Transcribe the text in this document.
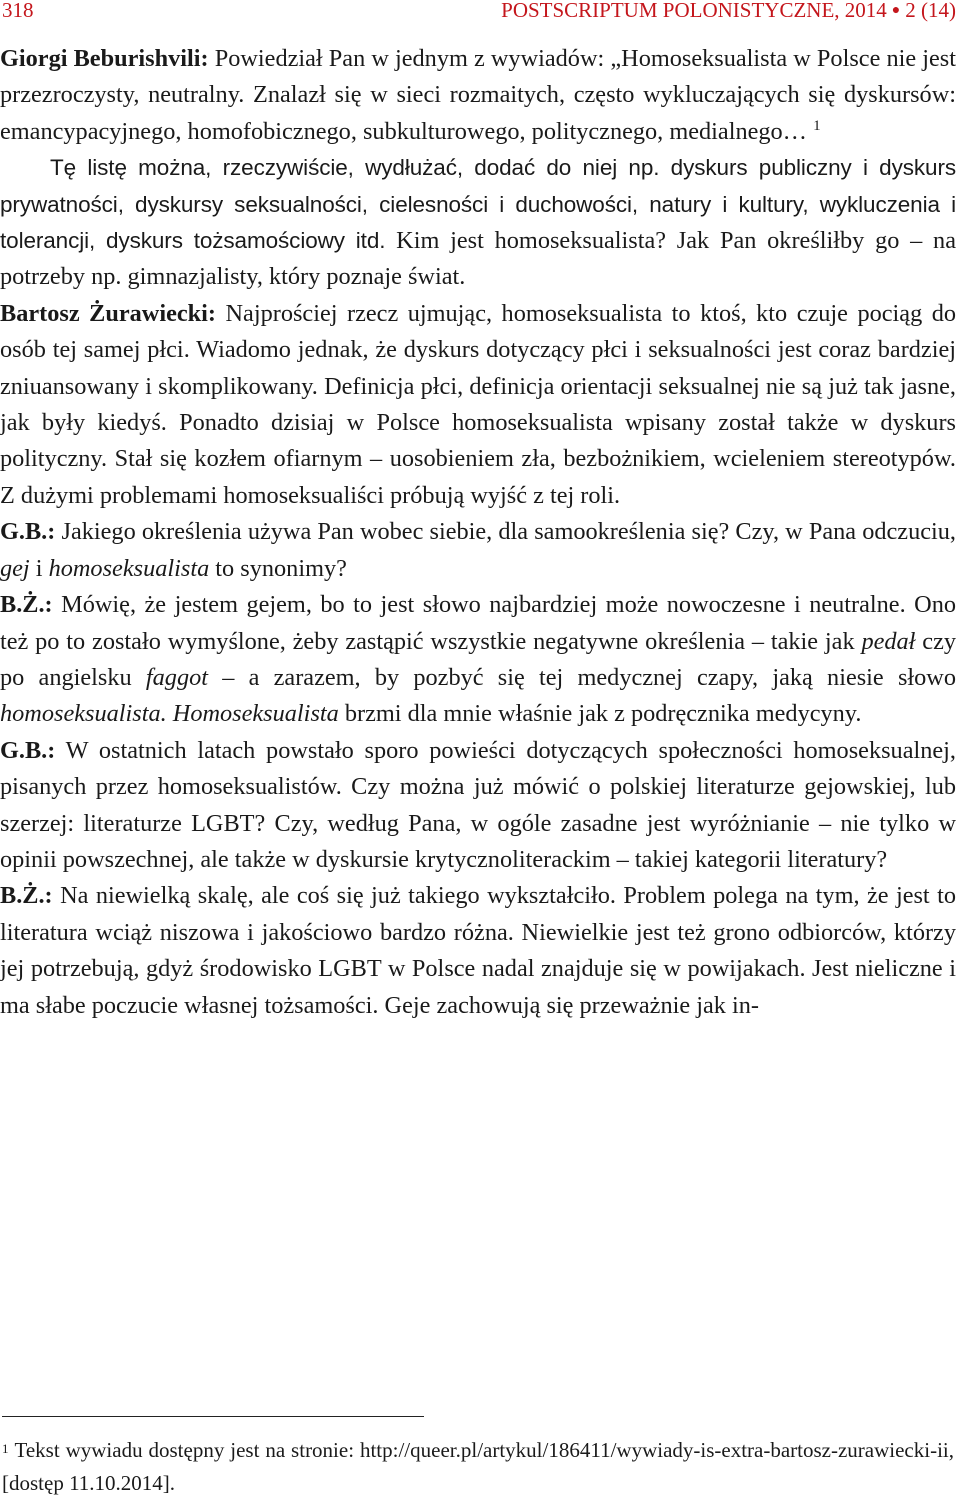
318	POSTSCRIPTUM POLONISTYCZNE, 2014 ● 2 (14)

Giorgi Beburishvili: Powiedział Pan w jednym z wywiadów: „Homoseksualista w Polsce nie jest przezroczysty, neutralny. Znalazł się w sieci rozmaitych, często wykluczających się dyskursów: emancypacyjnego, homofobicznego, subkulturowego, politycznego, medialnego… $^1$

Tę listę można, rzeczywiście, wydłużać, dodać do niej np. dyskurs publiczny i dyskurs prywatności, dyskursy seksualności, cielesności i duchowości, natury i kultury, wykluczenia i tolerancji, dyskurs tożsamościowy itd. Kim jest homoseksualista? Jak Pan określiłby go – na potrzeby np. gimnazjalisty, który poznaje świat.

Bartosz Żurawiecki: Najprościej rzecz ujmując, homoseksualista to ktoś, kto czuje pociąg do osób tej samej płci. Wiadomo jednak, że dyskurs dotyczący płci i seksualności jest coraz bardziej zniuansowany i skomplikowany. Definicja płci, definicja orientacji seksualnej nie są już tak jasne, jak były kiedyś. Ponadto dzisiaj w Polsce homoseksualista wpisany został także w dyskurs polityczny. Stał się kozłem ofiarnym – uosobieniem zła, bezbożnikiem, wcieleniem stereotypów. Z dużymi problemami homoseksualiści próbują wyjść z tej roli.

G.B.: Jakiego określenia używa Pan wobec siebie, dla samookreślenia się? Czy, w Pana odczuciu, gej i homoseksualista to synonimy?

B.Ż.: Mówię, że jestem gejem, bo to jest słowo najbardziej może nowoczesne i neutralne. Ono też po to zostało wymyślone, żeby zastąpić wszystkie negatywne określenia – takie jak pedał czy po angielsku faggot – a zarazem, by pozbyć się tej medycznej czapy, jaką niesie słowo homoseksualista. Homoseksualista brzmi dla mnie właśnie jak z podręcznika medycyny.

G.B.: W ostatnich latach powstało sporo powieści dotyczących społeczności homoseksualnej, pisanych przez homoseksualistów. Czy można już mówić o polskiej literaturze gejowskiej, lub szerzej: literaturze LGBT? Czy, według Pana, w ogóle zasadne jest wyróżnianie – nie tylko w opinii powszechnej, ale także w dyskursie krytycznoliterackim – takiej kategorii literatury?

B.Ż.: Na niewielką skalę, ale coś się już takiego wykształciło. Problem polega na tym, że jest to literatura wciąż niszowa i jakościowo bardzo różna. Niewielkie jest też grono odbiorców, którzy jej potrzebują, gdyż środowisko LGBT w Polsce nadal znajduje się w powijakach. Jest nieliczne i ma słabe poczucie własnej tożsamości. Geje zachowują się przeważnie jak in-

$^1$ Tekst wywiadu dostępny jest na stronie: http://queer.pl/artykul/186411/wywiady-is-extra-bartosz-zurawiecki-ii, [dostęp 11.10.2014].
